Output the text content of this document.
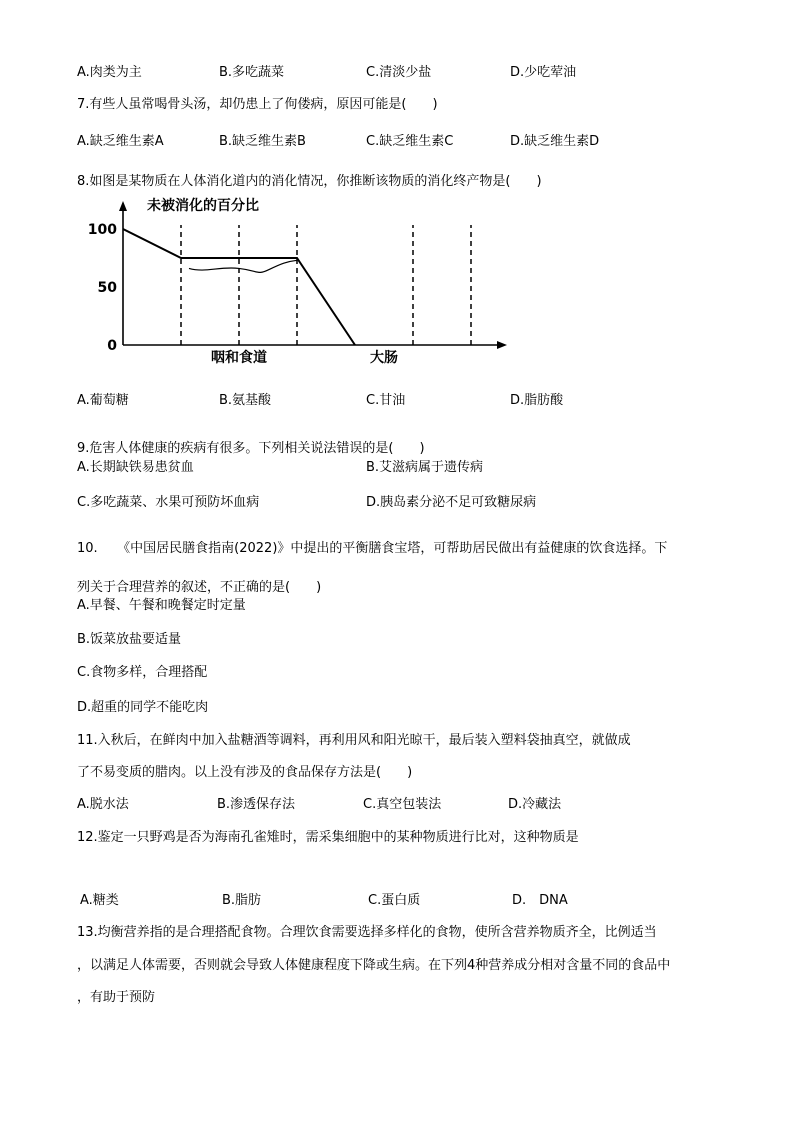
A.肉类为主	B.多吃蔬菜	C.清淡少盐	D.少吃荤油
7.有些人虽常喝骨头汤，却仍患上了佝偻病，原因可能是(　　)
A.缺乏维生素A	B.缺乏维生素B	C.缺乏维生素C	D.缺乏维生素D
8.如图是某物质在人体消化道内的消化情况，你推断该物质的消化终产物是(　　)
未被消化的百分比
0
50
100
咽和食道	大肠
A.葡萄糖	B.氨基酸	C.甘油	D.脂肪酸
9.危害人体健康的疾病有很多。下列相关说法错误的是(　　)
A.长期缺铁易患贫血	B.艾滋病属于遗传病
C.多吃蔬菜、水果可预防坏血病	D.胰岛素分泌不足可致糖尿病
10.　　《中国居民膳食指南(2022)》中提出的平衡膳食宝塔，可帮助居民做出有益健康的饮食选择。下
列关于合理营养的叙述，不正确的是(　　)
A.早餐、午餐和晚餐定时定量
B.饭菜放盐要适量
C.食物多样，合理搭配
D.超重的同学不能吃肉
11.入秋后，在鲜肉中加入盐糖酒等调料，再利用风和阳光晾干，最后装入塑料袋抽真空，就做成
了不易变质的腊肉。以上没有涉及的食品保存方法是(　　)
A.脱水法	B.渗透保存法	C.真空包装法	D.冷藏法
12.鉴定一只野鸡是否为海南孔雀雉时，需采集细胞中的某种物质进行比对，这种物质是
A.糖类	B.脂肪	C.蛋白质	D.　DNA
13.均衡营养指的是合理搭配食物。合理饮食需要选择多样化的食物，使所含营养物质齐全，比例适当
，以满足人体需要，否则就会导致人体健康程度下降或生病。在下列4种营养成分相对含量不同的食品中
，有助于预防
